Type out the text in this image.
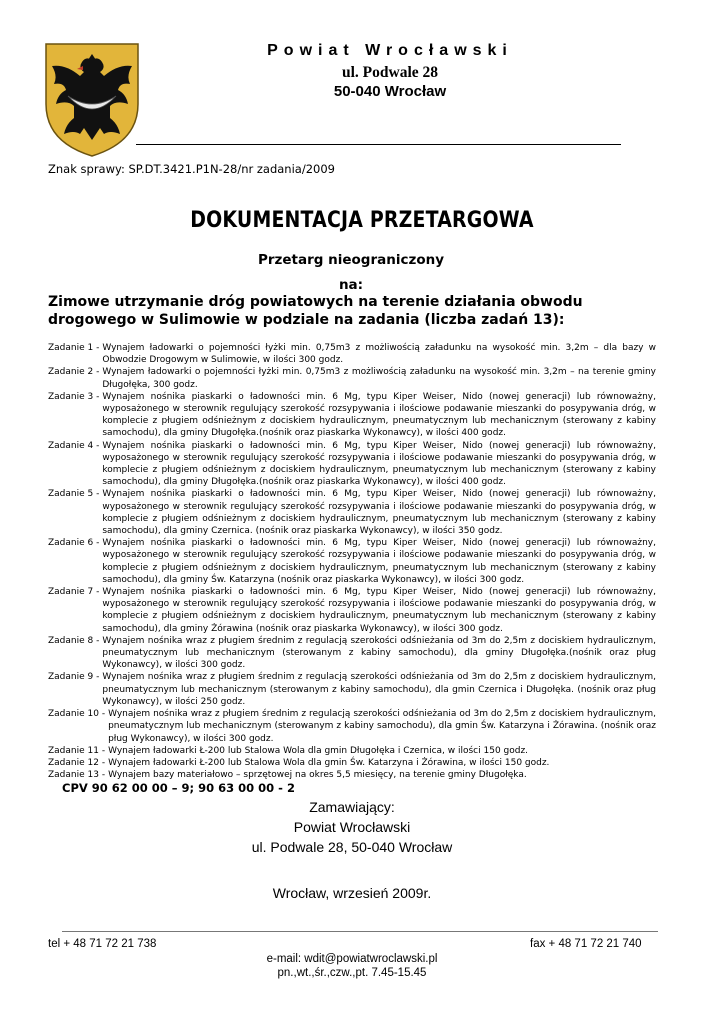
Powiat Wrocławski
ul. Podwale 28
50-040 Wrocław
Znak sprawy: SP.DT.3421.P1N-28/nr zadania/2009
DOKUMENTACJA PRZETARGOWA
Przetarg nieograniczony
na:
Zimowe utrzymanie dróg powiatowych na terenie działania obwodu drogowego w Sulimowie w podziale na zadania (liczba zadań 13):
Zadanie 1 - Wynajem ładowarki o pojemności łyżki min. 0,75m3 z możliwością załadunku na wysokość min. 3,2m – dla bazy w Obwodzie Drogowym w Sulimowie, w ilości 300 godz.
Zadanie 2 - Wynajem ładowarki o pojemności łyżki min. 0,75m3 z możliwością załadunku na wysokość min. 3,2m – na terenie gminy Długołęka, 300 godz.
Zadanie 3 - Wynajem nośnika piaskarki o ładowności min. 6 Mg, typu Kiper Weiser, Nido (nowej generacji) lub równoważny, wyposażonego w sterownik regulujący szerokość rozsypywania i ilościowe podawanie mieszanki do posypywania dróg, w komplecie z pługiem odśnieżnym z dociskiem hydraulicznym, pneumatycznym lub mechanicznym (sterowany z kabiny samochodu), dla gminy Długołęka.(nośnik oraz piaskarka Wykonawcy), w ilości 400 godz.
Zadanie 4 - Wynajem nośnika piaskarki o ładowności min. 6 Mg, typu Kiper Weiser, Nido (nowej generacji) lub równoważny, wyposażonego w sterownik regulujący szerokość rozsypywania i ilościowe podawanie mieszanki do posypywania dróg, w komplecie z pługiem odśnieżnym z dociskiem hydraulicznym, pneumatycznym lub mechanicznym (sterowany z kabiny samochodu), dla gminy Długołęka.(nośnik oraz piaskarka Wykonawcy), w ilości 400 godz.
Zadanie 5 - Wynajem nośnika piaskarki o ładowności min. 6 Mg, typu Kiper Weiser, Nido (nowej generacji) lub równoważny, wyposażonego w sterownik regulujący szerokość rozsypywania i ilościowe podawanie mieszanki do posypywania dróg, w komplecie z pługiem odśnieżnym z dociskiem hydraulicznym, pneumatycznym lub mechanicznym (sterowany z kabiny samochodu), dla gminy Czernica. (nośnik oraz piaskarka Wykonawcy), w ilości 350 godz.
Zadanie 6 - Wynajem nośnika piaskarki o ładowności min. 6 Mg, typu Kiper Weiser, Nido (nowej generacji) lub równoważny, wyposażonego w sterownik regulujący szerokość rozsypywania i ilościowe podawanie mieszanki do posypywania dróg, w komplecie z pługiem odśnieżnym z dociskiem hydraulicznym, pneumatycznym lub mechanicznym (sterowany z kabiny samochodu), dla gminy Św. Katarzyna (nośnik oraz piaskarka Wykonawcy), w ilości 300 godz.
Zadanie 7 - Wynajem nośnika piaskarki o ładowności min. 6 Mg, typu Kiper Weiser, Nido (nowej generacji) lub równoważny, wyposażonego w sterownik regulujący szerokość rozsypywania i ilościowe podawanie mieszanki do posypywania dróg, w komplecie z pługiem odśnieżnym z dociskiem hydraulicznym, pneumatycznym lub mechanicznym (sterowany z kabiny samochodu), dla gminy Żórawina (nośnik oraz piaskarka Wykonawcy), w ilości 300 godz.
Zadanie 8 - Wynajem nośnika wraz z pługiem średnim z regulacją szerokości odśnieżania od 3m do 2,5m z dociskiem hydraulicznym, pneumatycznym lub mechanicznym (sterowanym z kabiny samochodu), dla gminy Długołęka.(nośnik oraz pług Wykonawcy), w ilości 300 godz.
Zadanie 9 - Wynajem nośnika wraz z pługiem średnim z regulacją szerokości odśnieżania od 3m do 2,5m z dociskiem hydraulicznym, pneumatycznym lub mechanicznym (sterowanym z kabiny samochodu), dla gmin Czernica i Długołęka. (nośnik oraz pług Wykonawcy), w ilości 250 godz.
Zadanie 10 - Wynajem nośnika wraz z pługiem średnim z regulacją szerokości odśnieżania od 3m do 2,5m z dociskiem hydraulicznym, pneumatycznym lub mechanicznym (sterowanym z kabiny samochodu), dla gmin Św. Katarzyna i Żórawina. (nośnik oraz pług Wykonawcy), w ilości 300 godz.
Zadanie 11 - Wynajem ładowarki Ł-200 lub Stalowa Wola dla gmin Długołęka i Czernica, w ilości 150 godz.
Zadanie 12 - Wynajem ładowarki Ł-200 lub Stalowa Wola dla gmin Św. Katarzyna i Żórawina, w ilości 150 godz.
Zadanie 13 - Wynajem bazy materiałowo – sprzętowej na okres 5,5 miesięcy, na terenie gminy Długołęka.
CPV 90 62 00 00 – 9; 90 63 00 00 - 2
Zamawiający:
Powiat Wrocławski
ul. Podwale 28, 50-040 Wrocław
Wrocław, wrzesień 2009r.
tel + 48 71 72 21 738	fax + 48 71 72 21 740
e-mail: wdit@powiatwroclawski.pl
pn.,wt.,śr.,czw.,pt. 7.45-15.45
